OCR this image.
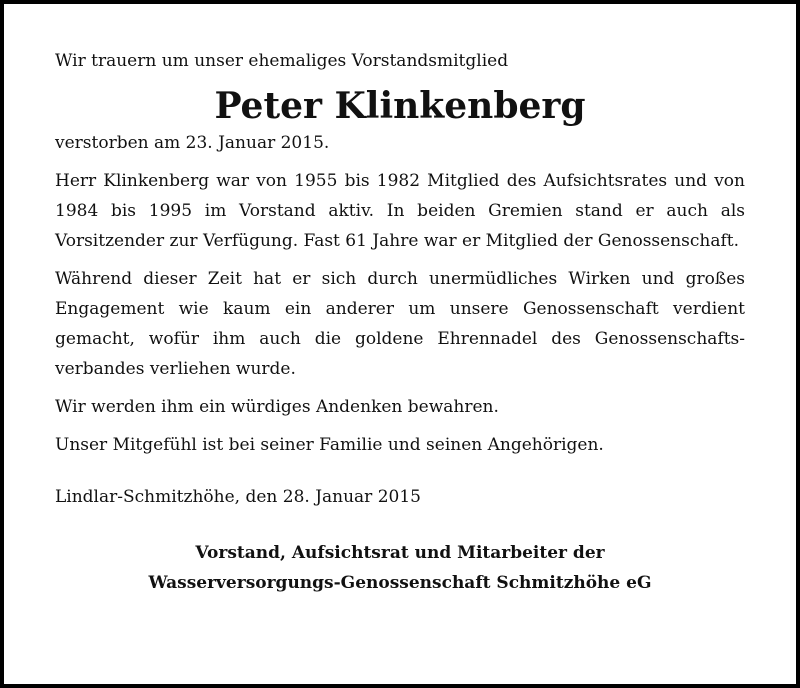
Wir trauern um unser ehemaliges Vorstandsmitglied

Peter Klinkenberg

verstorben am 23. Januar 2015.

Herr Klinkenberg war von 1955 bis 1982 Mitglied des Aufsichtsrates und von 1984 bis 1995 im Vorstand aktiv. In beiden Gremien stand er auch als Vorsitzender zur Verfügung. Fast 61 Jahre war er Mitglied der Genossenschaft.

Während dieser Zeit hat er sich durch unermüdliches Wirken und großes Engagement wie kaum ein anderer um unsere Genossenschaft verdient gemacht, wofür ihm auch die goldene Ehrennadel des Genossenschafts-verbandes verliehen wurde.

Wir werden ihm ein würdiges Andenken bewahren.

Unser Mitgefühl ist bei seiner Familie und seinen Angehörigen.

Lindlar-Schmitzhöhe, den 28. Januar 2015

Vorstand, Aufsichtsrat und Mitarbeiter der
Wasserversorgungs-Genossenschaft Schmitzhöhe eG
